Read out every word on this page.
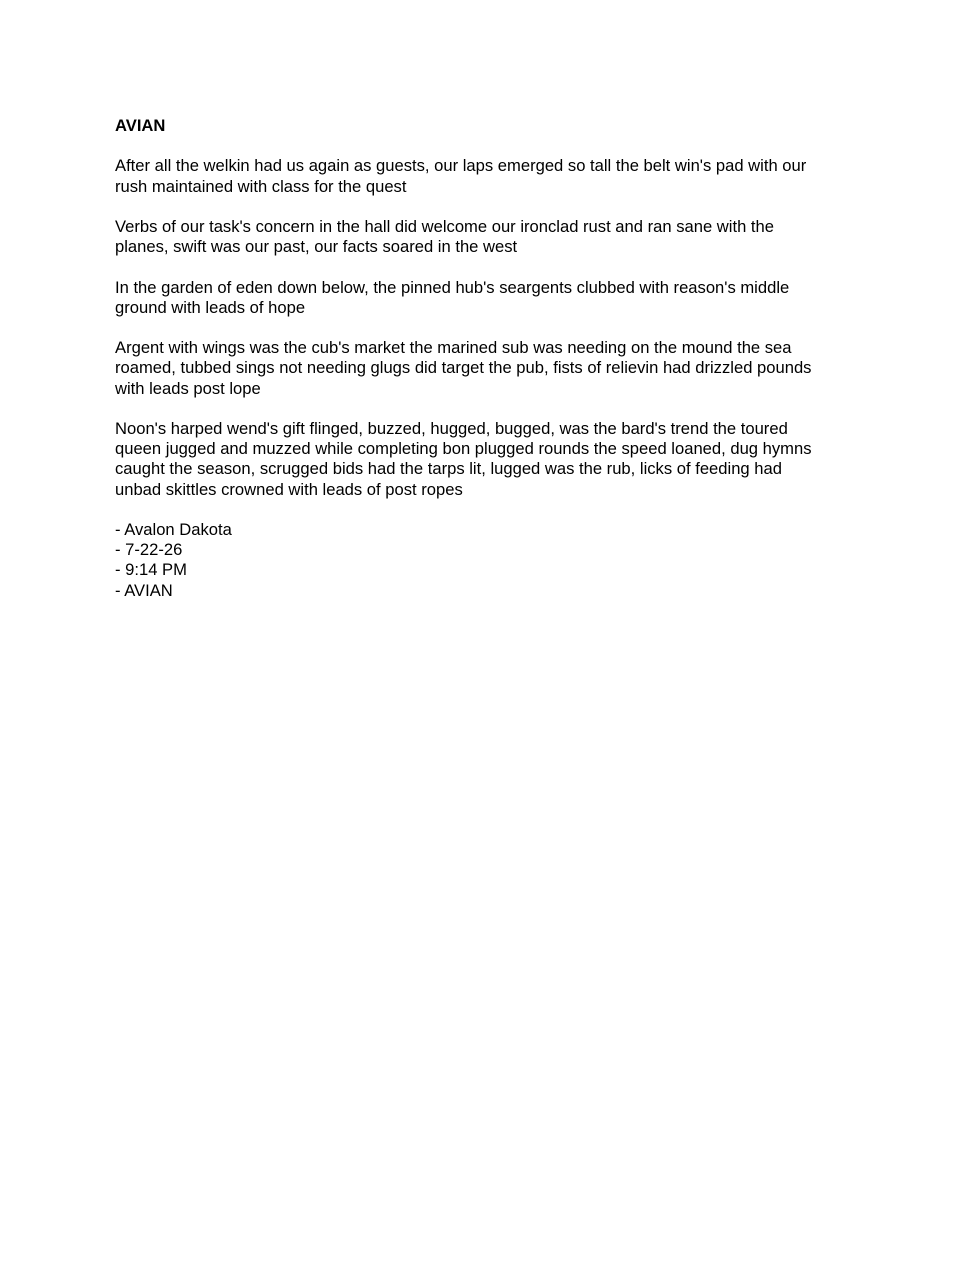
AVIAN
After all the welkin had us again as guests, our laps emerged so tall the belt win's pad with our
rush maintained with class for the quest
Verbs of our task's concern in the hall did welcome our ironclad rust and ran sane with the
planes, swift was our past, our facts soared in the west
In the garden of eden down below, the pinned hub's seargents clubbed with reason's middle
ground with leads of hope
Argent with wings was the cub's market the marined sub was needing on the mound the sea
roamed, tubbed sings not needing glugs did target the pub, fists of relievin had drizzled pounds
with leads post lope
Noon's harped wend's gift flinged, buzzed, hugged, bugged, was the bard's trend the toured
queen jugged and muzzed while completing bon plugged rounds the speed loaned, dug hymns
caught the season, scrugged bids had the tarps lit, lugged was the rub, licks of feeding had
unbad skittles crowned with leads of post ropes
- Avalon Dakota
- 7-22-26
- 9:14 PM
- AVIAN
